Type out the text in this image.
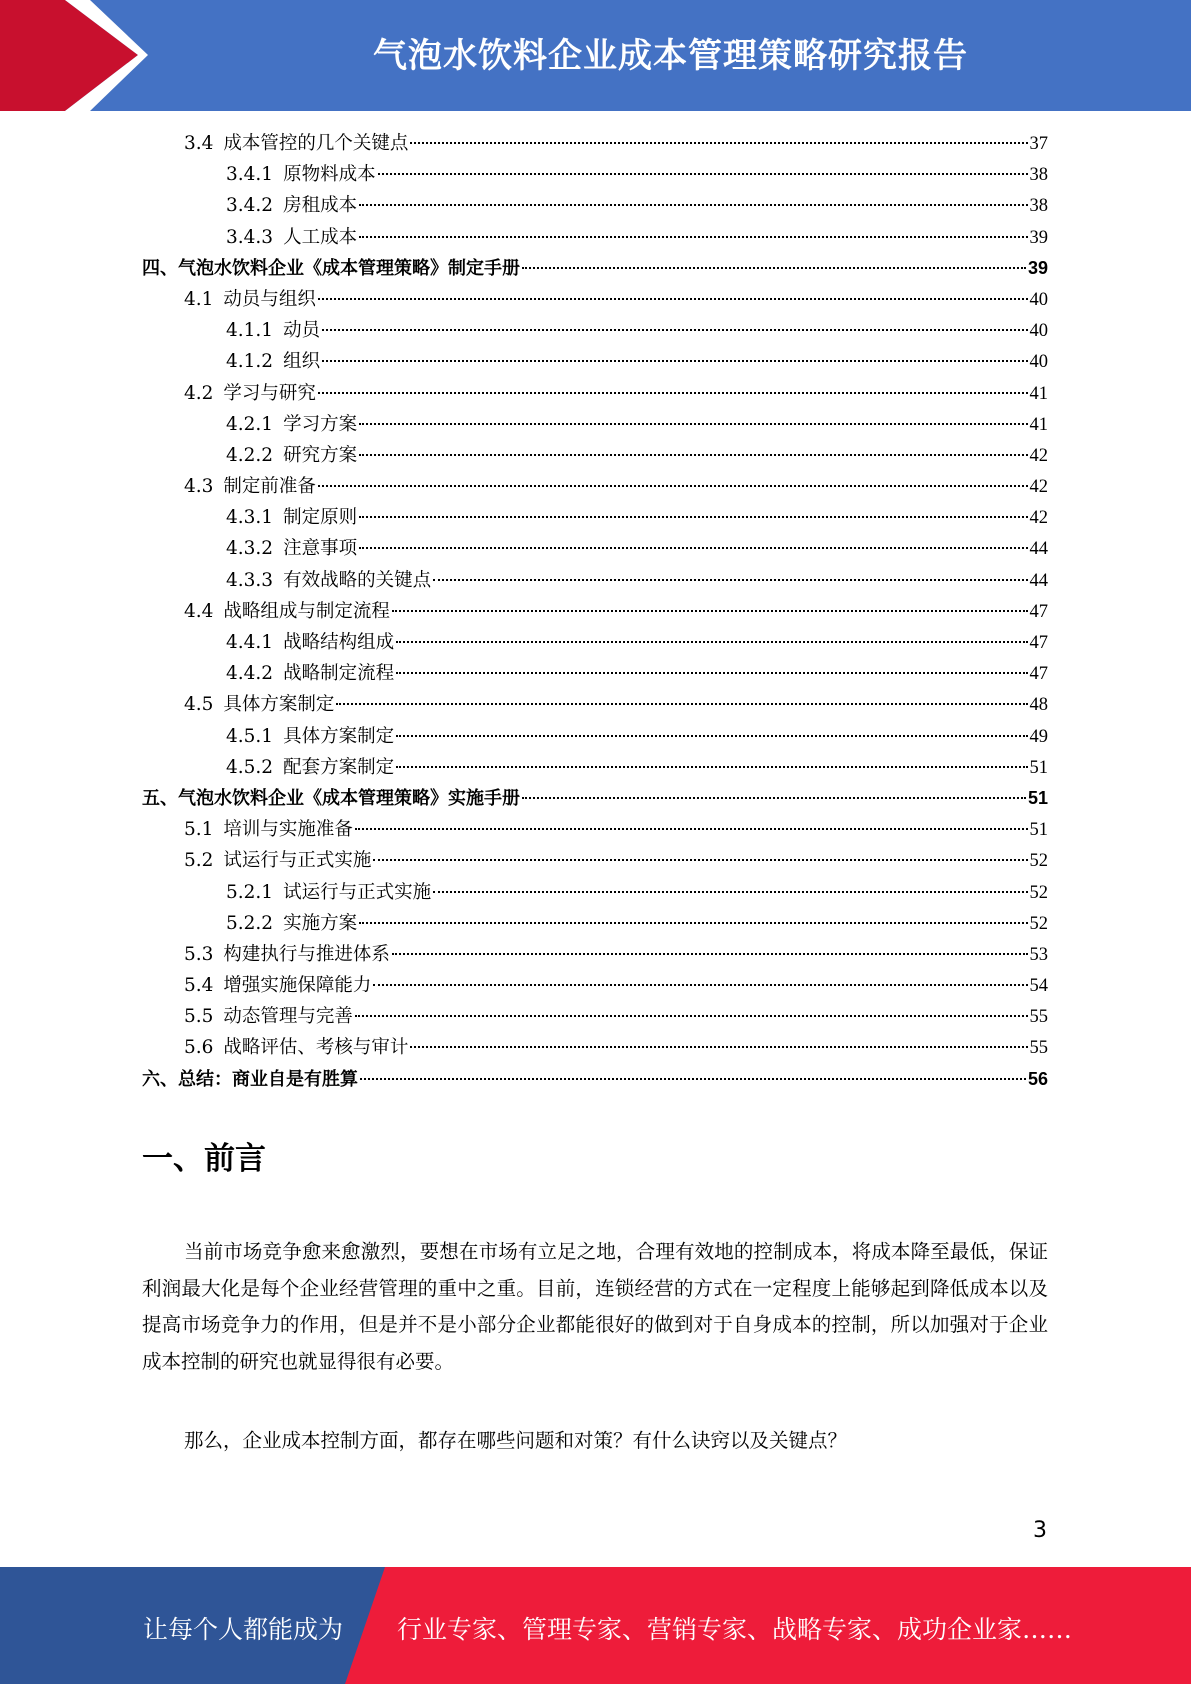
气泡水饮料企业成本管理策略研究报告
3.4 成本管控的几个关键点	37
3.4.1 原物料成本	38
3.4.2 房租成本	38
3.4.3 人工成本	39
四、气泡水饮料企业《成本管理策略》制定手册	39
4.1 动员与组织	40
4.1.1 动员	40
4.1.2 组织	40
4.2 学习与研究	41
4.2.1 学习方案	41
4.2.2 研究方案	42
4.3 制定前准备	42
4.3.1 制定原则	42
4.3.2 注意事项	44
4.3.3 有效战略的关键点	44
4.4 战略组成与制定流程	47
4.4.1 战略结构组成	47
4.4.2 战略制定流程	47
4.5 具体方案制定	48
4.5.1 具体方案制定	49
4.5.2 配套方案制定	51
五、气泡水饮料企业《成本管理策略》实施手册	51
5.1 培训与实施准备	51
5.2 试运行与正式实施	52
5.2.1 试运行与正式实施	52
5.2.2 实施方案	52
5.3 构建执行与推进体系	53
5.4 增强实施保障能力	54
5.5 动态管理与完善	55
5.6 战略评估、考核与审计	55
六、总结：商业自是有胜算	56
一、前言

当前市场竞争愈来愈激烈，要想在市场有立足之地，合理有效地的控制成本，将成本降至最低，保证利润最大化是每个企业经营管理的重中之重。目前，连锁经营的方式在一定程度上能够起到降低成本以及提高市场竞争力的作用，但是并不是小部分企业都能很好的做到对于自身成本的控制，所以加强对于企业成本控制的研究也就显得很有必要。

那么，企业成本控制方面，都存在哪些问题和对策？有什么诀窍以及关键点？

3
让每个人都能成为 行业专家、管理专家、营销专家、战略专家、成功企业家……
